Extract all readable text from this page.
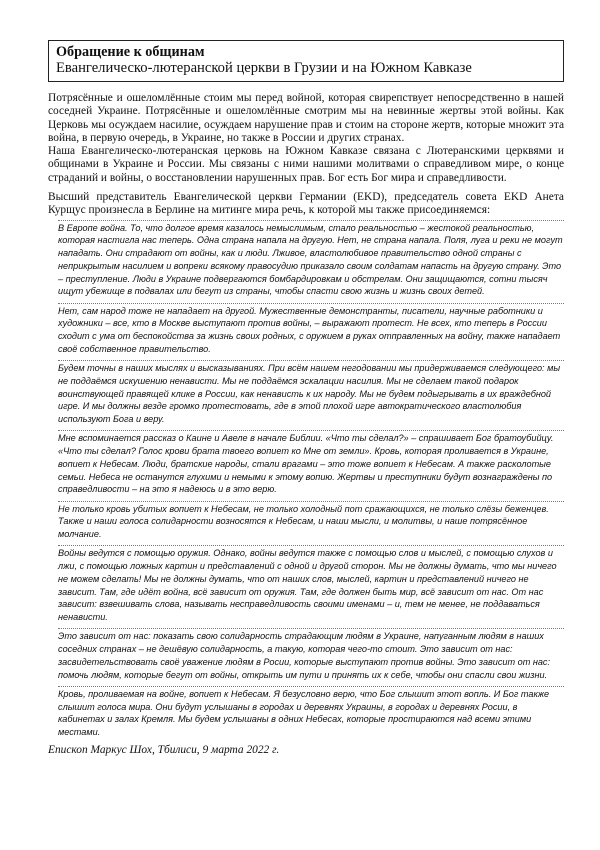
Обращение к общинам
Евангелическо-лютеранской церкви в Грузии и на Южном Кавказе

Потрясённые и ошеломлённые стоим мы перед войной, которая свирепствует непосредственно в нашей соседней Украине. Потрясённые и ошеломлённые смотрим мы на невинные жертвы этой войны. Как Церковь мы осуждаем насилие, осуждаем нарушение прав и стоим на стороне жертв, которые множит эта война, в первую очередь, в Украине, но также в России и других странах.

Наша Евангелическо-лютеранская церковь на Южном Кавказе связана с Лютеранскими церквями и общинами в Украине и России. Мы связаны с ними нашими молитвами о справедливом мире, о конце страданий и войны, о восстановлении нарушенных прав. Бог есть Бог мира и справедливости.

Высший представитель Евангелической церкви Германии (EKD), председатель совета EKD Анета Курщус произнесла в Берлине на митинге мира речь, к которой мы также присоединяемся:

В Европе война. То, что долгое время казалось немыслимым, стало реальностью – жестокой реальностью, которая настигла нас теперь. Одна страна напала на другую. Нет, не страна напала. Поля, луга и реки не могут нападать. Они страдают от войны, как и люди. Лживое, властолюбивое правительство одной страны с неприкрытым насилием и вопреки всякому правосудию приказало своим солдатам напасть на другую страну. Это – преступление. Люди в Украине подвергаются бомбардировкам и обстрелам. Они защищаются, сотни тысяч ищут убежище в подвалах или бегут из страны, чтобы спасти свою жизнь и жизнь своих детей.

Нет, сам народ тоже не нападает на другой. Мужественные демонстранты, писатели, научные работники и художники – все, кто в Москве выступают против войны, – выражают протест. Не всех, кто теперь в России сходит с ума от беспокойства за жизнь своих родных, с оружием в руках отправленных на войну, также нападает своё собственное правительство.

Будем точны в наших мыслях и высказываниях. При всём нашем негодовании мы придерживаемся следующего: мы не поддаёмся искушению ненависти. Мы не поддаёмся эскалации насилия. Мы не сделаем такой подарок воинствующей правящей клике в России, как ненависть к их народу. Мы не будем подыгрывать в их враждебной игре. И мы должны везде громко протестовать, где в этой плохой игре автократического властолюбия используют Бога и веру.

Мне вспоминается рассказ о Каине и Авеле в начале Библии. «Что ты сделал?» – спрашивает Бог братоубийцу. «Что ты сделал? Голос крови брата твоего вопиет ко Мне от земли». Кровь, которая проливается в Украине, вопиет к Небесам. Люди, братские народы, стали врагами – это тоже вопиет к Небесам. А также расколотые семьи. Небеса не останутся глухими и немыми к этому вопию. Жертвы и преступники будут вознаграждены по справедливости – на это я надеюсь и в это верю.

Не только кровь убитых вопиет к Небесам, не только холодный пот сражающихся, не только слёзы беженцев. Также и наши голоса солидарности возносятся к Небесам, и наши мысли, и молитвы, и наше потрясённое молчание.

Войны ведутся с помощью оружия. Однако, войны ведутся также с помощью слов и мыслей, с помощью слухов и лжи, с помощью ложных картин и представлений с одной и другой сторон. Мы не должны думать, что мы ничего не можем сделать! Мы не должны думать, что от наших слов, мыслей, картин и представлений ничего не зависит. Там, где идёт война, всё зависит от оружия. Там, где должен быть мир, всё зависит от нас. От нас зависит: взвешивать слова, называть несправедливость своими именами – и, тем не менее, не поддаваться ненависти.

Это зависит от нас: показать свою солидарность страдающим людям в Украине, напуганным людям в наших соседних странах – не дешёвую солидарность, а такую, которая чего-то стоит. Это зависит от нас: засвидетельствовать своё уважение людям в Росии, которые выступают против войны. Это зависит от нас: помочь людям, которые бегут от войны, открыть им пути и принять их к себе, чтобы они спасли свои жизни.

Кровь, проливаемая на войне, вопиет к Небесам. Я безусловно верю, что Бог слышит этот вопль. И Бог также слышит голоса мира. Они будут услышаны в городах и деревнях Украины, в городах и деревнях Росии, в кабинетах и залах Кремля. Мы будем услышаны в одних Небесах, которые простираются над всеми этими местами.

Епископ Маркус Шох, Тбилиси, 9 марта 2022 г.
